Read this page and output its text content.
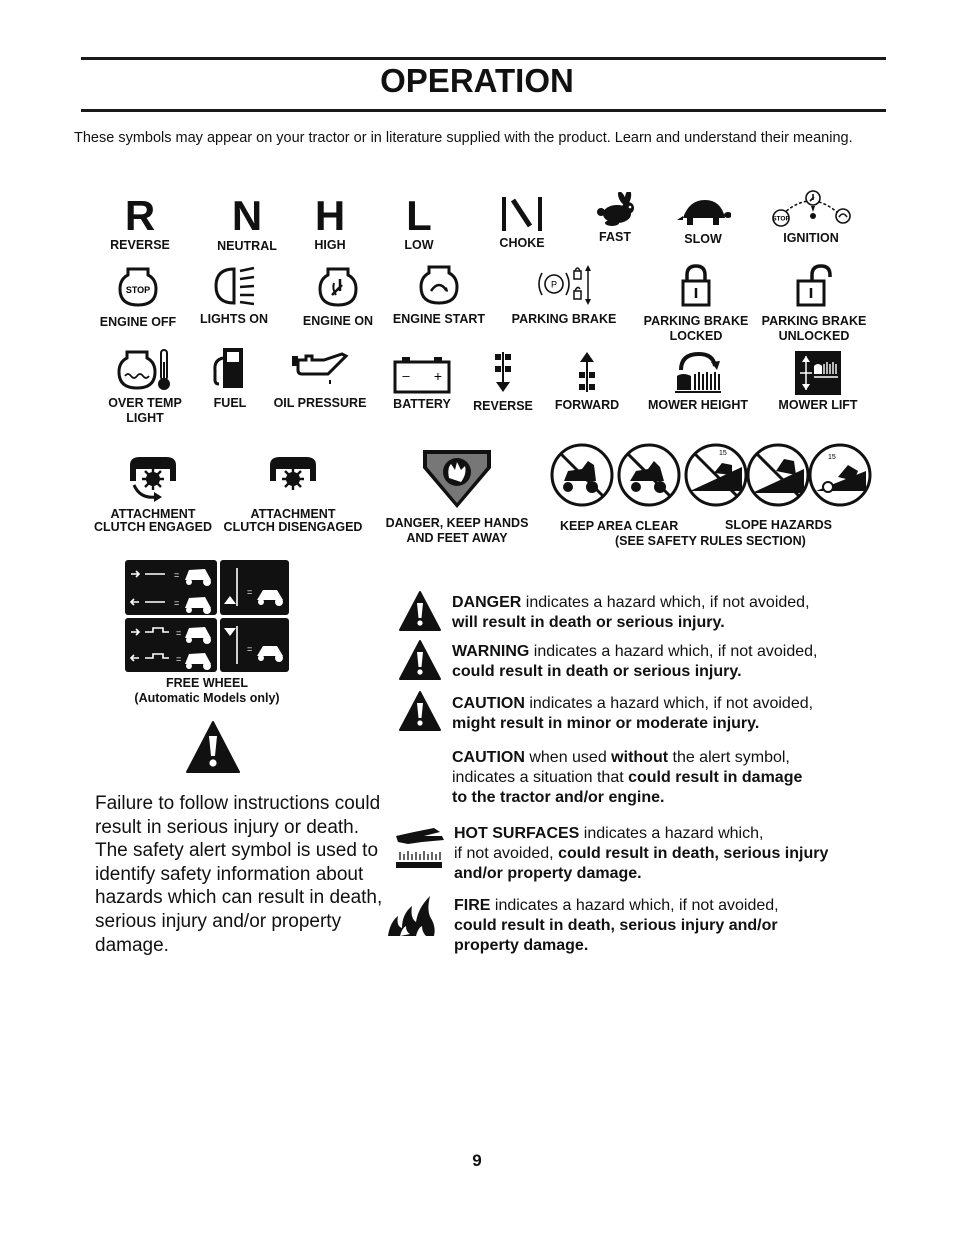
OPERATION
These symbols may appear on your tractor or in literature supplied with the product. Learn and understand their meaning.
R
REVERSE
N
NEUTRAL
H
HIGH
L
LOW	CHOKE	FAST	SLOW
STOP
IGNITION
STOP
ENGINE OFF	LIGHTS ON	ENGINE ON	ENGINE START
P
PARKING BRAKE PARKING BRAKE
LOCKED
PARKING BRAKE
UNLOCKED
OVER TEMP
LIGHT
FUEL	OIL PRESSURE
– +
BATTERY	REVERSE	FORWARD	MOWER HEIGHT	MOWER LIFT
ATTACHMENT
CLUTCH ENGAGED
ATTACHMENT
CLUTCH DISENGAGED DANGER, KEEP HANDS
AND FEET AWAY
15
15
KEEP AREA CLEAR	SLOPE HAZARDS
(SEE SAFETY RULES SECTION)
=
=
=
=
=
=
FREE WHEEL
(Automatic Models only)
Failure to follow instructions could result in serious injury or death. The safety alert symbol is used to identify safety information about hazards which can result in death, serious injury and/or property damage.
DANGER indicates a hazard which, if not avoided,
will result in death or serious injury.
WARNING indicates a hazard which, if not avoided,
could result in death or serious injury.
CAUTION indicates a hazard which, if not avoided,
might result in minor or moderate injury.
CAUTION when used without the alert symbol,
indicates a situation that could result in damage
to the tractor and/or engine.
HOT SURFACES indicates a hazard which,
if not avoided, could result in death, serious injury
and/or property damage.
FIRE indicates a hazard which, if not avoided,
could result in death, serious injury and/or
property damage.
9
